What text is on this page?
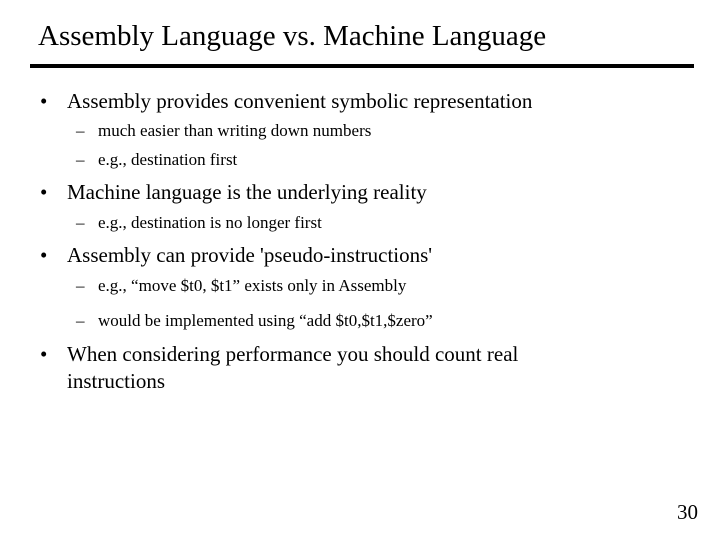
Assembly Language vs. Machine Language
• Assembly provides convenient symbolic representation
– much easier than writing down numbers
– e.g., destination first
• Machine language is the underlying reality
– e.g., destination is no longer first
• Assembly can provide 'pseudo-instructions'
– e.g., “move $t0, $t1” exists only in Assembly
– would be implemented using “add $t0,$t1,$zero”
• When considering performance you should count real
instructions
30
